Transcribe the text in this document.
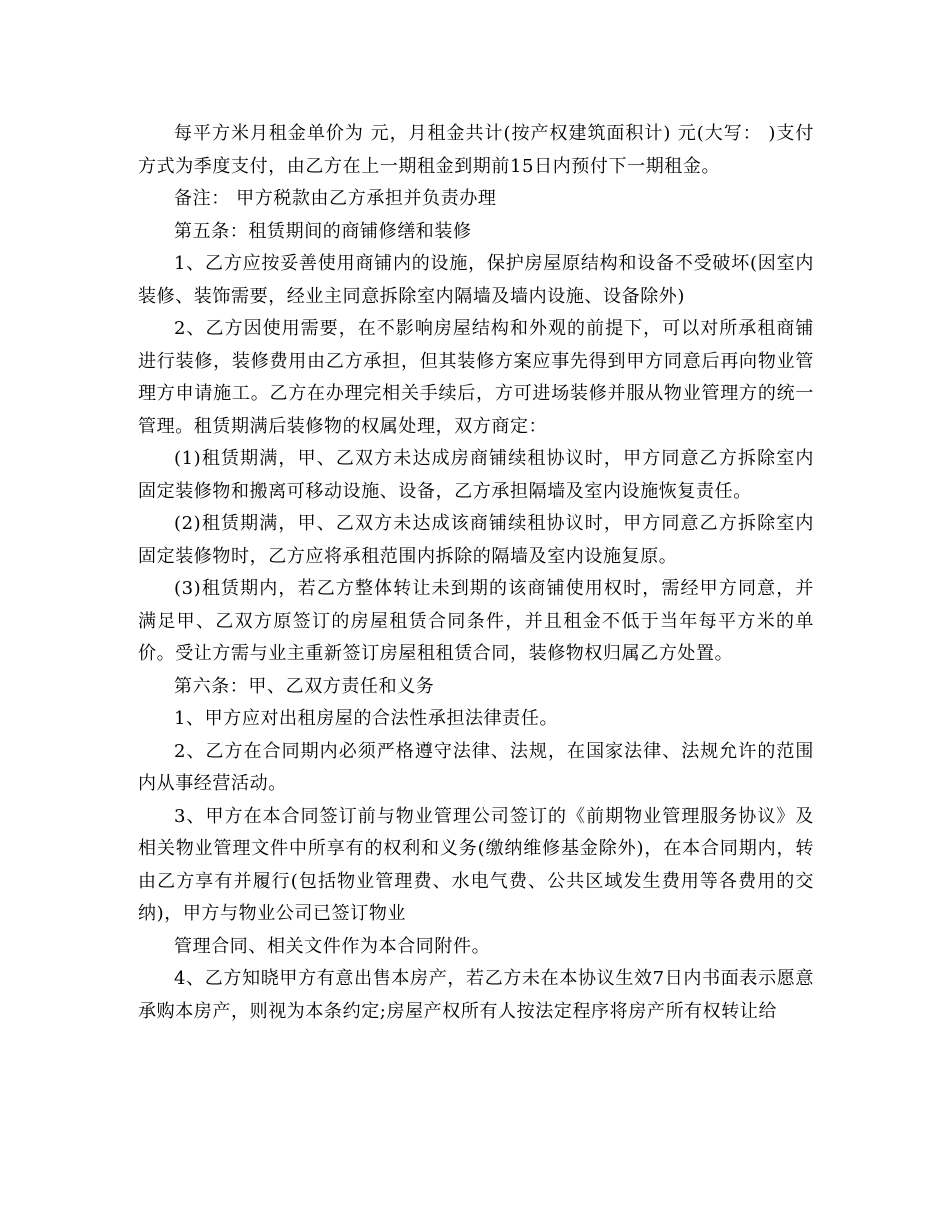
每平方米月租金单价为 元，月租金共计(按产权建筑面积计) 元(大写： )支付方式为季度支付，由乙方在上一期租金到期前15日内预付下一期租金。

备注： 甲方税款由乙方承担并负责办理

第五条：租赁期间的商铺修缮和装修

1、乙方应按妥善使用商铺内的设施，保护房屋原结构和设备不受破坏(因室内装修、装饰需要，经业主同意拆除室内隔墙及墙内设施、设备除外)

2、乙方因使用需要，在不影响房屋结构和外观的前提下，可以对所承租商铺进行装修，装修费用由乙方承担，但其装修方案应事先得到甲方同意后再向物业管理方申请施工。乙方在办理完相关手续后，方可进场装修并服从物业管理方的统一管理。租赁期满后装修物的权属处理，双方商定：

(1)租赁期满，甲、乙双方未达成房商铺续租协议时，甲方同意乙方拆除室内固定装修物和搬离可移动设施、设备，乙方承担隔墙及室内设施恢复责任。

(2)租赁期满，甲、乙双方未达成该商铺续租协议时，甲方同意乙方拆除室内固定装修物时，乙方应将承租范围内拆除的隔墙及室内设施复原。

(3)租赁期内，若乙方整体转让未到期的该商铺使用权时，需经甲方同意，并满足甲、乙双方原签订的房屋租赁合同条件，并且租金不低于当年每平方米的单价。受让方需与业主重新签订房屋租租赁合同，装修物权归属乙方处置。

第六条：甲、乙双方责任和义务

1、甲方应对出租房屋的合法性承担法律责任。

2、乙方在合同期内必须严格遵守法律、法规，在国家法律、法规允许的范围内从事经营活动。

3、甲方在本合同签订前与物业管理公司签订的《前期物业管理服务协议》及相关物业管理文件中所享有的权利和义务(缴纳维修基金除外)，在本合同期内，转由乙方享有并履行(包括物业管理费、水电气费、公共区域发生费用等各费用的交纳)，甲方与物业公司已签订物业

管理合同、相关文件作为本合同附件。

4、乙方知晓甲方有意出售本房产，若乙方未在本协议生效7日内书面表示愿意承购本房产，则视为本条约定;房屋产权所有人按法定程序将房产所有权转让给
